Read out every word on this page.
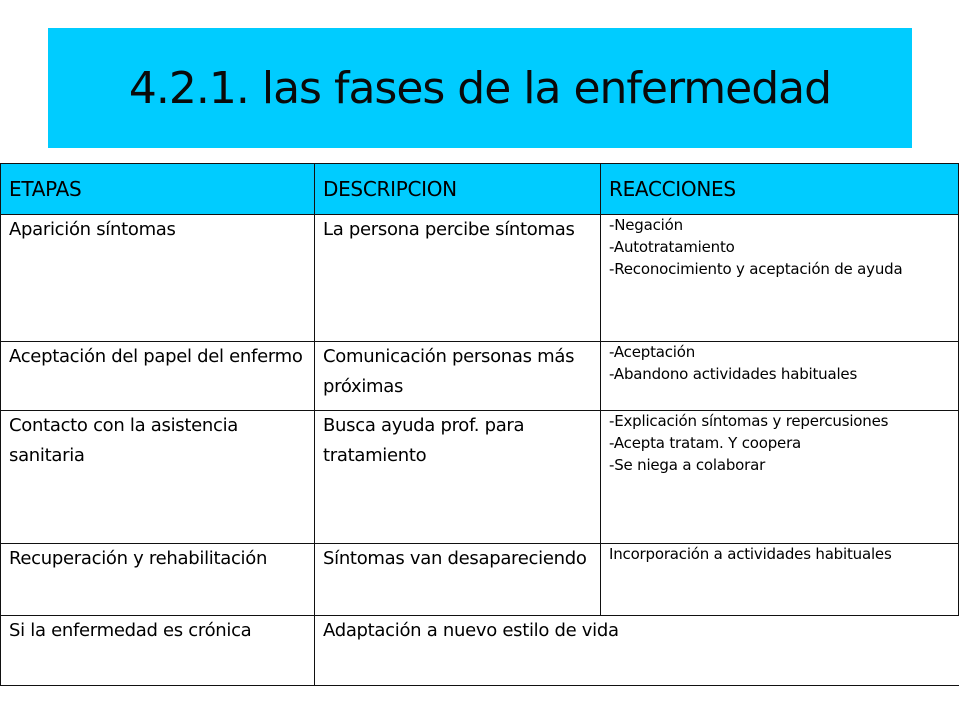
4.2.1. las fases de la enfermedad
ETAPAS	DESCRIPCION	REACCIONES
Aparición síntomas	La persona percibe síntomas	-Negación
-Autotratamiento
-Reconocimiento y aceptación de ayuda

Aceptación del papel del enfermo	Comunicación personas más próximas	-Aceptación
-Abandono actividades habituales

Contacto con la asistencia sanitaria	Busca ayuda prof. para tratamiento	-Explicación síntomas y repercusiones
-Acepta tratam. Y coopera
-Se niega a colaborar

Recuperación y rehabilitación	Síntomas van desapareciendo	Incorporación a actividades habituales

Si la enfermedad es crónica	Adaptación a nuevo estilo de vida	
